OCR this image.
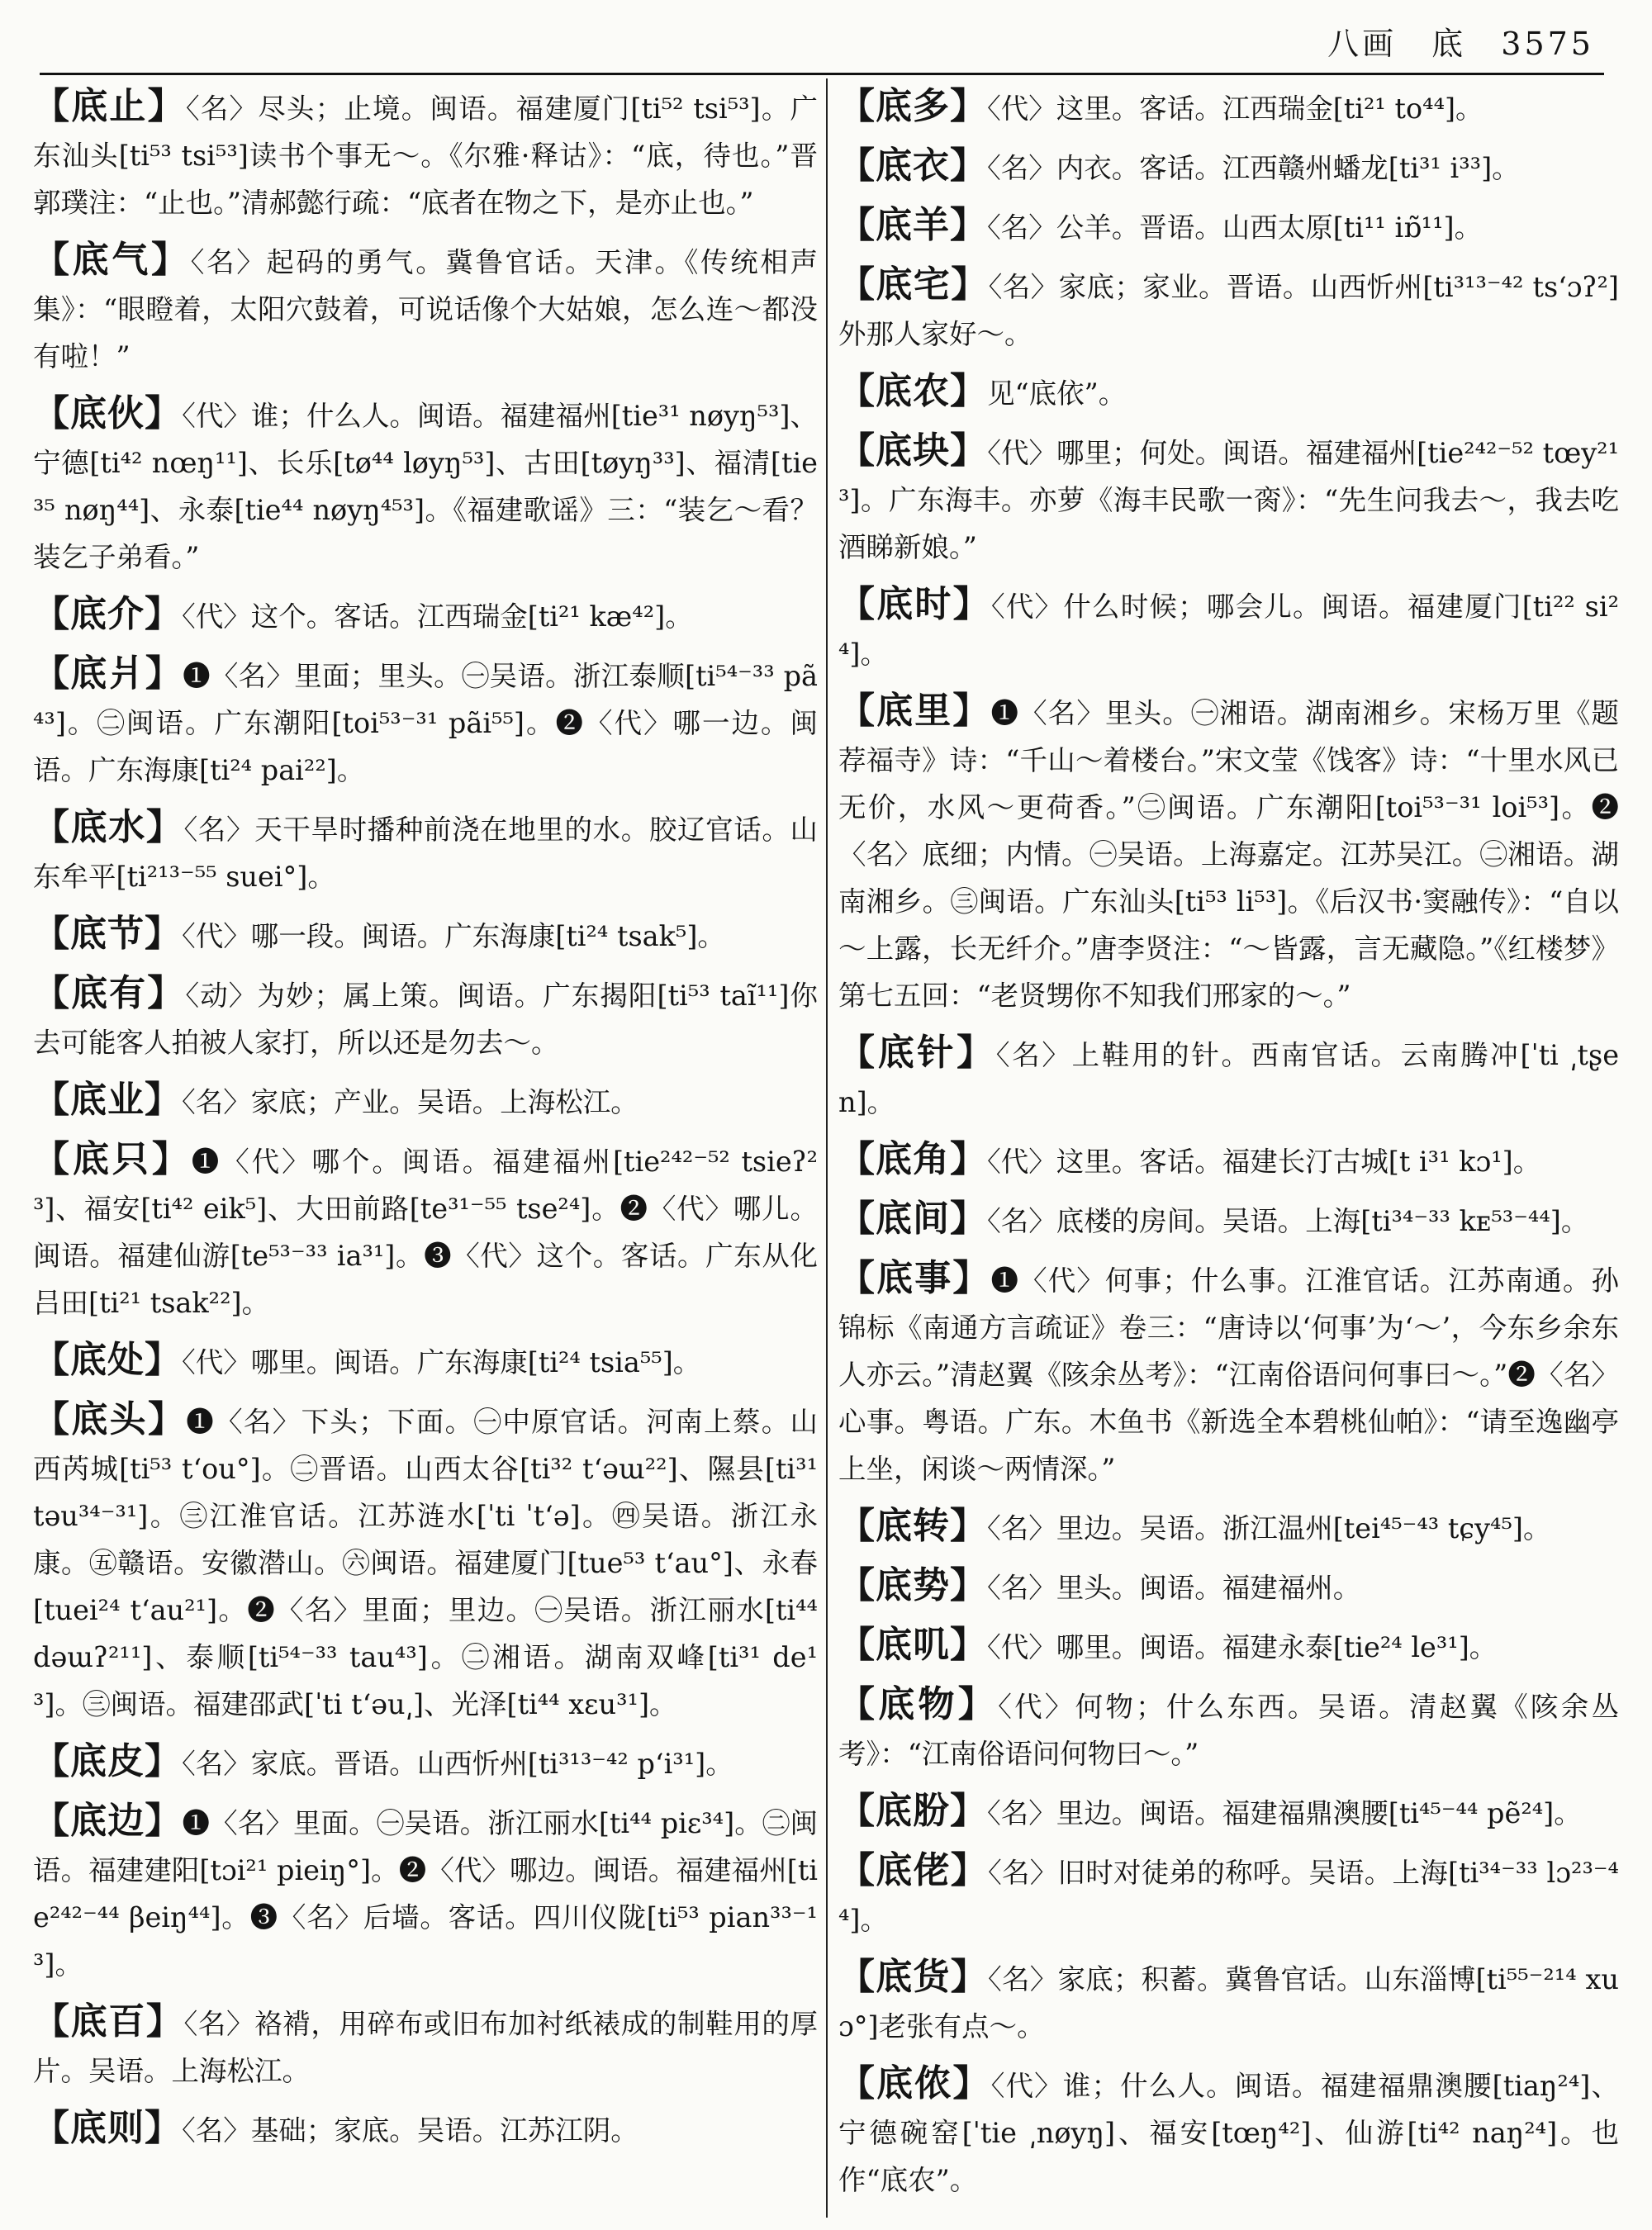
八画 底 3575

【底止】〈名〉尽头；止境。闽语。福建厦门[ti⁵² tsi⁵³]。广东汕头[ti⁵³ tsi⁵³]读书个事无～。《尔雅·释诂》：“底，待也。”晋郭璞注：“止也。”清郝懿行疏：“底者在物之下，是亦止也。”

【底气】〈名〉起码的勇气。冀鲁官话。天津。《传统相声集》：“眼瞪着，太阳穴鼓着，可说话像个大姑娘，怎么连～都没有啦！”

【底伙】〈代〉谁；什么人。闽语。福建福州[tie³¹ nøyŋ⁵³]、宁德[ti⁴² nœŋ¹¹]、长乐[tø⁴⁴ løyŋ⁵³]、古田[tøyŋ³³]、福清[tie³⁵ nøŋ⁴⁴]、永泰[tie⁴⁴ nøyŋ⁴⁵³]。《福建歌谣》三：“装乞～看？装乞子弟看。”

【底介】〈代〉这个。客话。江西瑞金[ti²¹ kæ⁴²]。

【底爿】❶〈名〉里面；里头。㊀吴语。浙江泰顺[ti⁵⁴⁻³³ pã⁴³]。㊁闽语。广东潮阳[toi⁵³⁻³¹ pãi⁵⁵]。❷〈代〉哪一边。闽语。广东海康[ti²⁴ pai²²]。

【底水】〈名〉天干旱时播种前浇在地里的水。胶辽官话。山东牟平[ti²¹³⁻⁵⁵ suei°]。

【底节】〈代〉哪一段。闽语。广东海康[ti²⁴ tsak⁵]。

【底有】〈动〉为妙；属上策。闽语。广东揭阳[ti⁵³ taĩ¹¹]你去可能客人拍被人家打，所以还是勿去～。

【底业】〈名〉家底；产业。吴语。上海松江。

【底只】❶〈代〉哪个。闽语。福建福州[tie²⁴²⁻⁵² tsieʔ²³]、福安[ti⁴² eik⁵]、大田前路[te³¹⁻⁵⁵ tse²⁴]。❷〈代〉哪儿。闽语。福建仙游[te⁵³⁻³³ ia³¹]。❸〈代〉这个。客话。广东从化吕田[ti²¹ tsak²²]。

【底处】〈代〉哪里。闽语。广东海康[ti²⁴ tsia⁵⁵]。

【底头】❶〈名〉下头；下面。㊀中原官话。河南上蔡。山西芮城[ti⁵³ tʻou°]。㊁晋语。山西太谷[ti³² tʻəɯ²²]、隰县[ti³¹ təu³⁴⁻³¹]。㊂江淮官话。江苏涟水[ˈti ˈtʻə]。㊃吴语。浙江永康。㊄赣语。安徽潜山。㊅闽语。福建厦门[tue⁵³ tʻau°]、永春[tuei²⁴ tʻau²¹]。❷〈名〉里面；里边。㊀吴语。浙江丽水[ti⁴⁴ dəɯʔ²¹¹]、泰顺[ti⁵⁴⁻³³ tau⁴³]。㊁湘语。湖南双峰[ti³¹ de¹³]。㊂闽语。福建邵武[ˈti tʻəu͵]、光泽[ti⁴⁴ xɛu³¹]。

【底皮】〈名〉家底。晋语。山西忻州[ti³¹³⁻⁴² pʻi³¹]。

【底边】❶〈名〉里面。㊀吴语。浙江丽水[ti⁴⁴ piɛ³⁴]。㊁闽语。福建建阳[tɔi²¹ pieiŋ°]。❷〈代〉哪边。闽语。福建福州[tie²⁴²⁻⁴⁴ βeiŋ⁴⁴]。❸〈名〉后墙。客话。四川仪陇[ti⁵³ pian³³⁻¹³]。

【底百】〈名〉袼褙，用碎布或旧布加衬纸裱成的制鞋用的厚片。吴语。上海松江。

【底则】〈名〉基础；家底。吴语。江苏江阴。

【底多】〈代〉这里。客话。江西瑞金[ti²¹ to⁴⁴]。

【底衣】〈名〉内衣。客话。江西赣州蟠龙[ti³¹ i³³]。

【底羊】〈名〉公羊。晋语。山西太原[ti¹¹ iɒ̃¹¹]。

【底宅】〈名〉家底；家业。晋语。山西忻州[ti³¹³⁻⁴² tsʻɔʔ²]外那人家好～。

【底农】见“底依”。

【底块】〈代〉哪里；何处。闽语。福建福州[tie²⁴²⁻⁵² tœy²¹³]。广东海丰。亦萝《海丰民歌一脔》：“先生问我去～，我去吃酒睇新娘。”

【底时】〈代〉什么时候；哪会儿。闽语。福建厦门[ti²² si²⁴]。

【底里】❶〈名〉里头。㊀湘语。湖南湘乡。宋杨万里《题荐福寺》诗：“千山～着楼台。”宋文莹《饯客》诗：“十里水风已无价，水风～更荷香。”㊁闽语。广东潮阳[toi⁵³⁻³¹ loi⁵³]。❷〈名〉底细；内情。㊀吴语。上海嘉定。江苏吴江。㊁湘语。湖南湘乡。㊂闽语。广东汕头[ti⁵³ li⁵³]。《后汉书·窦融传》：“自以～上露，长无纤介。”唐李贤注：“～皆露，言无藏隐。”《红楼梦》第七五回：“老贤甥你不知我们邢家的～。”

【底针】〈名〉上鞋用的针。西南官话。云南腾冲[ˈti ͵tʂen]。

【底角】〈代〉这里。客话。福建长汀古城[t i³¹ kɔ¹]。

【底间】〈名〉底楼的房间。吴语。上海[ti³⁴⁻³³ kᴇ⁵³⁻⁴⁴]。

【底事】❶〈代〉何事；什么事。江淮官话。江苏南通。孙锦标《南通方言疏证》卷三：“唐诗以‘何事’为‘～’，今东乡余东人亦云。”清赵翼《陔余丛考》：“江南俗语问何事曰～。”❷〈名〉心事。粤语。广东。木鱼书《新选全本碧桃仙帕》：“请至逸幽亭上坐，闲谈～两情深。”

【底转】〈名〉里边。吴语。浙江温州[tei⁴⁵⁻⁴³ tɕy⁴⁵]。

【底势】〈名〉里头。闽语。福建福州。

【底叽】〈代〉哪里。闽语。福建永泰[tie²⁴ le³¹]。

【底物】〈代〉何物；什么东西。吴语。清赵翼《陔余丛考》：“江南俗语问何物曰～。”

【底肦】〈名〉里边。闽语。福建福鼎澳腰[ti⁴⁵⁻⁴⁴ pẽ²⁴]。

【底佬】〈名〉旧时对徒弟的称呼。吴语。上海[ti³⁴⁻³³ lɔ²³⁻⁴⁴]。

【底货】〈名〉家底；积蓄。冀鲁官话。山东淄博[ti⁵⁵⁻²¹⁴ xuɔ°]老张有点～。

【底侬】〈代〉谁；什么人。闽语。福建福鼎澳腰[tiaŋ²⁴]、宁德碗窑[ˈtie ͵nøyŋ]、福安[tœŋ⁴²]、仙游[ti⁴² naŋ²⁴]。也作“底农”。
